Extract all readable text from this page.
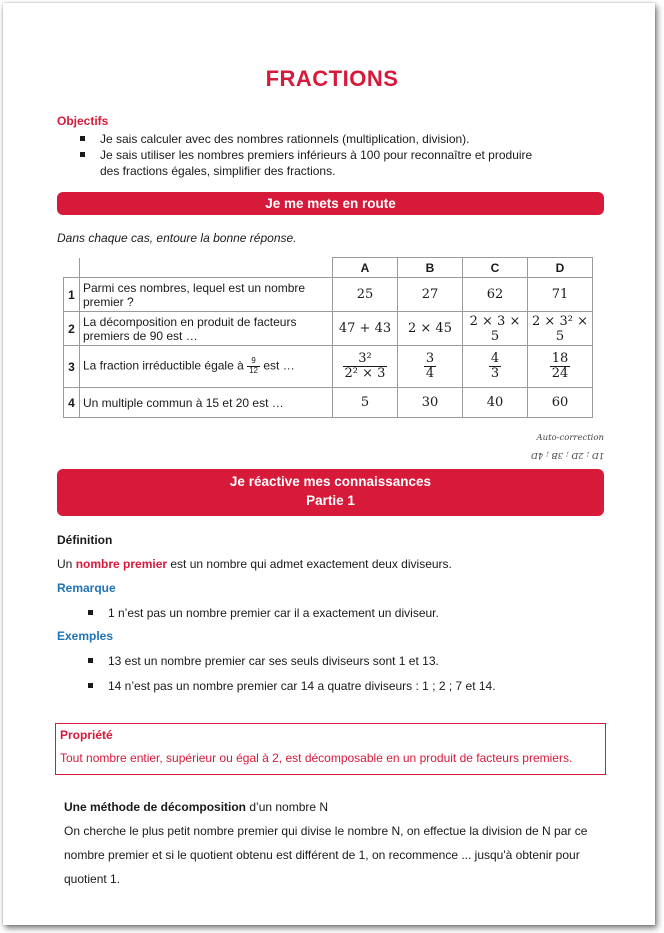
FRACTIONS
Objectifs
Je sais calculer avec des nombres rationnels (multiplication, division).
Je sais utiliser les nombres premiers inférieurs à 100 pour reconnaître et produire des fractions égales, simplifier des fractions.
Je me mets en route
Dans chaque cas, entoure la bonne réponse.
		A	B	C	D
1	Parmi ces nombres, lequel est un nombre premier ?	25	27	62	71
2	La décomposition en produit de facteurs premiers de 90 est …	47 + 43	2 × 45	2 × 3 × 5	2 × 3² × 5
3	La fraction irréductible égale à $\frac{9}{12}$ est …	$\frac{\text{3²}}{\text{2² × 3}}$	$\frac{3}{4}$	$\frac{4}{3}$	$\frac{18}{24}$

4	Un multiple commun à 15 et 20 est …	5	30	40	60
Auto-correction
1D ; 2D ; 3B ; 4D
Je réactive mes connaissances
Partie 1
Définition
Un nombre premier est un nombre qui admet exactement deux diviseurs.
Remarque
1 n’est pas un nombre premier car il a exactement un diviseur.
Exemples
13 est un nombre premier car ses seuls diviseurs sont 1 et 13.
14 n’est pas un nombre premier car 14 a quatre diviseurs : 1 ; 2 ; 7 et 14.
Propriété
Tout nombre entier, supérieur ou égal à 2, est décomposable en un produit de facteurs premiers.
Une méthode de décomposition d’un nombre N
On cherche le plus petit nombre premier qui divise le nombre N, on effectue la division de N par ce nombre premier et si le quotient obtenu est différent de 1, on recommence ... jusqu'à obtenir pour quotient 1.
